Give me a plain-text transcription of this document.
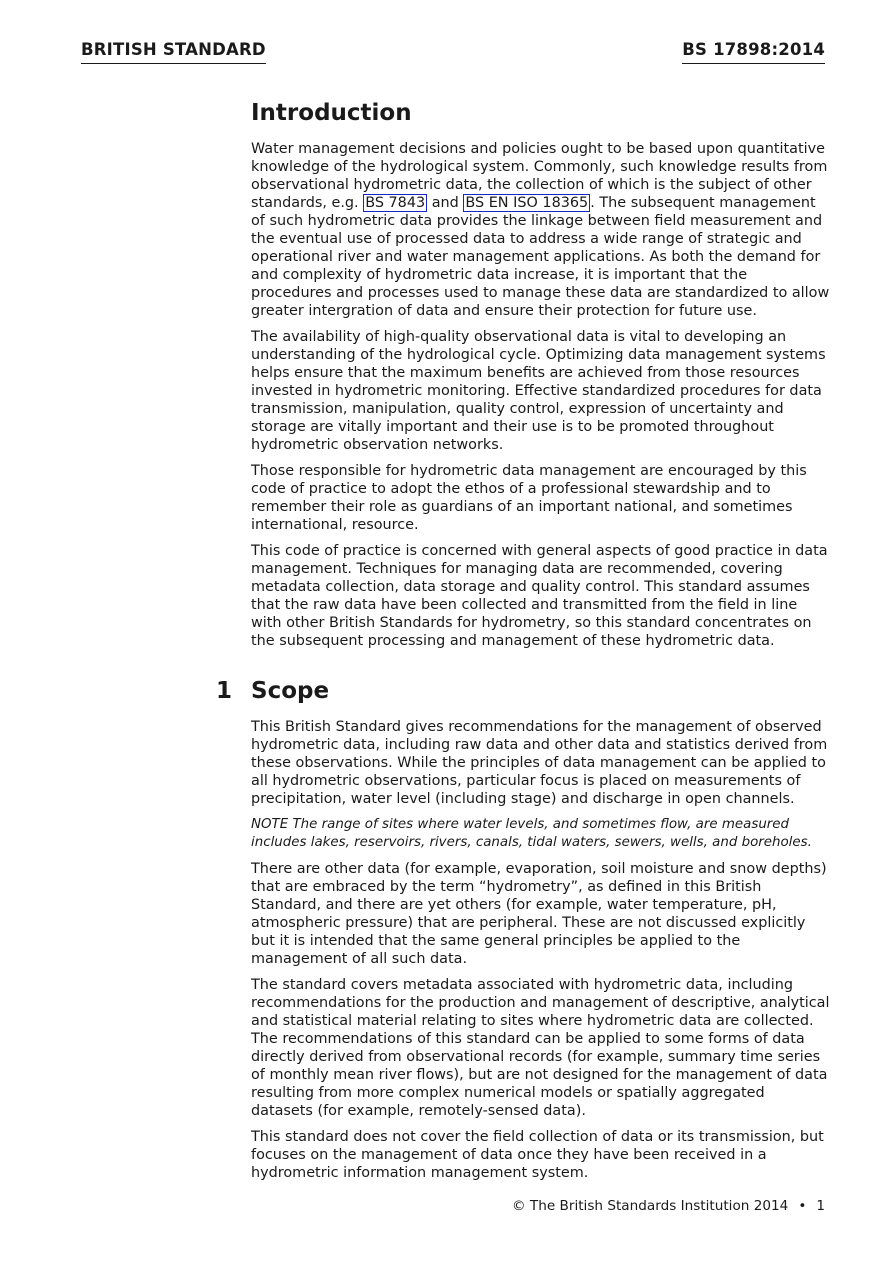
BRITISH STANDARD	BS 17898:2014
Introduction

Water management decisions and policies ought to be based upon quantitative knowledge of the hydrological system. Commonly, such knowledge results from observational hydrometric data, the collection of which is the subject of other standards, e.g. BS 7843 and BS EN ISO 18365 . The subsequent management of such hydrometric data provides the linkage between field measurement and the eventual use of processed data to address a wide range of strategic and operational river and water management applications. As both the demand for and complexity of hydrometric data increase, it is important that the procedures and processes used to manage these data are standardized to allow greater intergration of data and ensure their protection for future use.

The availability of high-quality observational data is vital to developing an understanding of the hydrological cycle. Optimizing data management systems helps ensure that the maximum benefits are achieved from those resources invested in hydrometric monitoring. Effective standardized procedures for data transmission, manipulation, quality control, expression of uncertainty and storage are vitally important and their use is to be promoted throughout hydrometric observation networks.

Those responsible for hydrometric data management are encouraged by this code of practice to adopt the ethos of a professional stewardship and to remember their role as guardians of an important national, and sometimes international, resource.

This code of practice is concerned with general aspects of good practice in data management. Techniques for managing data are recommended, covering metadata collection, data storage and quality control. This standard assumes that the raw data have been collected and transmitted from the field in line with other British Standards for hydrometry, so this standard concentrates on the subsequent processing and management of these hydrometric data.

1 Scope

This British Standard gives recommendations for the management of observed hydrometric data, including raw data and other data and statistics derived from these observations. While the principles of data management can be applied to all hydrometric observations, particular focus is placed on measurements of precipitation, water level (including stage) and discharge in open channels.

NOTE The range of sites where water levels, and sometimes flow, are measured includes lakes, reservoirs, rivers, canals, tidal waters, sewers, wells, and boreholes.

There are other data (for example, evaporation, soil moisture and snow depths) that are embraced by the term “hydrometry”, as defined in this British Standard, and there are yet others (for example, water temperature, pH, atmospheric pressure) that are peripheral. These are not discussed explicitly but it is intended that the same general principles be applied to the management of all such data.

The standard covers metadata associated with hydrometric data, including recommendations for the production and management of descriptive, analytical and statistical material relating to sites where hydrometric data are collected. The recommendations of this standard can be applied to some forms of data directly derived from observational records (for example, summary time series of monthly mean river flows), but are not designed for the management of data resulting from more complex numerical models or spatially aggregated datasets (for example, remotely-sensed data).

This standard does not cover the field collection of data or its transmission, but focuses on the management of data once they have been received in a hydrometric information management system.

© The British Standards Institution 2014 • 1
